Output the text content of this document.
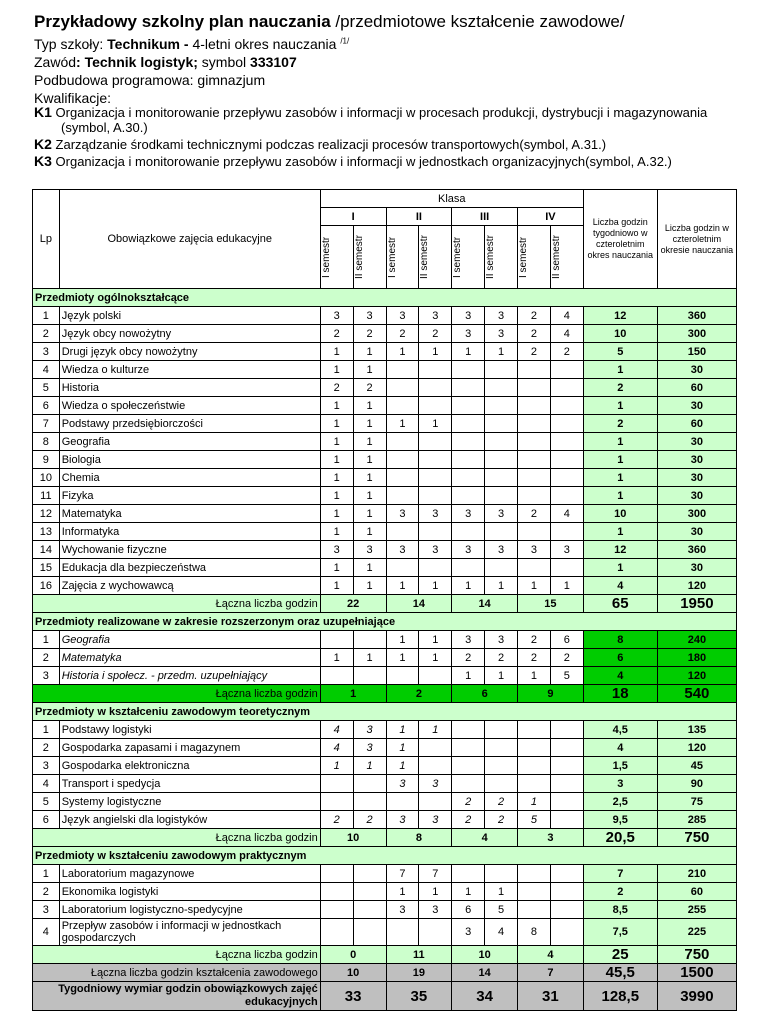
Przykładowy szkolny plan nauczania /przedmiotowe kształcenie zawodowe/
Typ szkoły: Technikum - 4-letni okres nauczania $^{/1/}$
Zawód: Technik logistyk; symbol 333107
Podbudowa programowa: gimnazjum
Kwalifikacje:
K1 Organizacja i monitorowanie przepływu zasobów i informacji w procesach produkcji, dystrybucji i magazynowania
(symbol, A.30.)
K2 Zarządzanie środkami technicznymi podczas realizacji procesów transportowych(symbol, A.31.)
K3 Organizacja i monitorowanie przepływu zasobów i informacji w jednostkach organizacyjnych(symbol, A.32.)
Lp	Obowiązkowe zajęcia edukacyjne	Klasa								Liczba godzin tygodniowo w czteroletnim okres nauczania	Liczba godzin w czteroletnim okresie nauczania
		I		II		III		IV			

		I semestr	II semestr	I semestr	II semestr	I semestr	II semestr	I semestr	II semestr		

Przedmioty ogólnokształcące											
1	Język polski	3	3	3	3	3	3	2	4	12	360
2	Język obcy nowożytny	2	2	2	2	3	3	2	4	10	300
3	Drugi język obcy nowożytny	1	1	1	1	1	1	2	2	5	150
4	Wiedza o kulturze	1	1							1	30
5	Historia	2	2							2	60
6	Wiedza o społeczeństwie	1	1							1	30
7	Podstawy przedsiębiorczości	1	1	1	1					2	60
8	Geografia	1	1							1	30
9	Biologia	1	1							1	30
10	Chemia	1	1							1	30
11	Fizyka	1	1							1	30
12	Matematyka	1	1	3	3	3	3	2	4	10	300
13	Informatyka	1	1							1	30
14	Wychowanie fizyczne	3	3	3	3	3	3	3	3	12	360
15	Edukacja dla bezpieczeństwa	1	1							1	30
16	Zajęcia z wychowawcą	1	1	1	1	1	1	1	1	4	120
Łączna liczba godzin		22		14		14		15		65	1950
Przedmioty realizowane w zakresie rozszerzonym oraz uzupełniające											
1	Geografia			1	1	3	3	2	6	8	240
2	Matematyka	1	1	1	1	2	2	2	2	6	180
3	Historia i społecz. - przedm. uzupełniający					1	1	1	5	4	120
Łączna liczba godzin		1		2		6		9		18	540
Przedmioty w kształceniu zawodowym teoretycznym											
1	Podstawy logistyki	4	3	1	1					4,5	135
2	Gospodarka zapasami i magazynem	4	3	1						4	120
3	Gospodarka elektroniczna	1	1	1						1,5	45
4	Transport i spedycja			3	3					3	90
5	Systemy logistyczne					2	2	1		2,5	75
6	Język angielski dla logistyków	2	2	3	3	2	2	5		9,5	285
Łączna liczba godzin		10		8		4		3		20,5	750
Przedmioty w kształceniu zawodowym praktycznym											
1	Laboratorium magazynowe			7	7					7	210
2	Ekonomika logistyki			1	1	1	1			2	60
3	Laboratorium logistyczno-spedycyjne			3	3	6	5			8,5	255
4	Przepływ zasobów i informacji w jednostkach gospodarczych					3	4	8		7,5	225
Łączna liczba godzin		0		11		10		4		25	750
Łączna liczba godzin kształcenia zawodowego		10		19		14		7		45,5	1500
Tygodniowy wymiar godzin obowiązkowych zajęć edukacyjnych		33		35		34		31		128,5	3990
